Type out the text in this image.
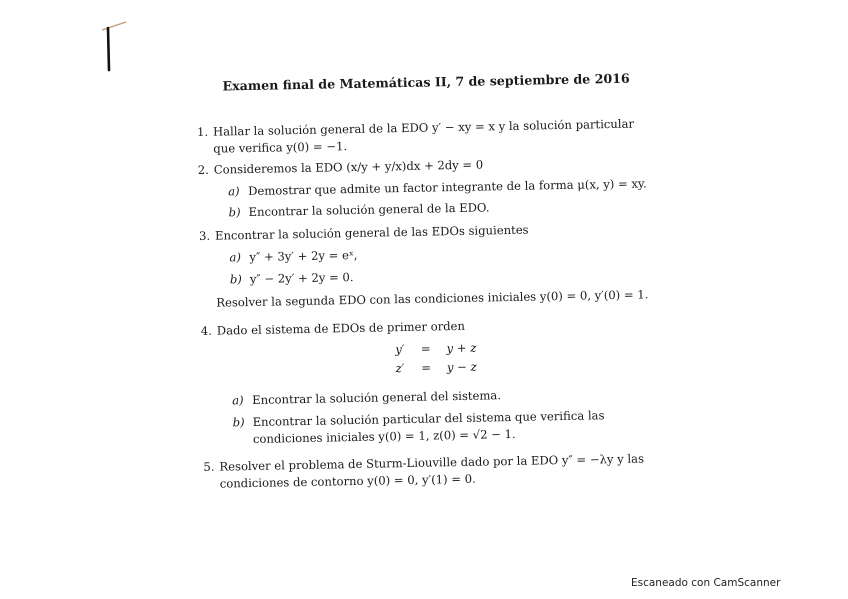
Examen final de Matemáticas II, 7 de septiembre de 2016
1. Hallar la solución general de la EDO y′ − xy = x y la solución particular que verifica y(0) = −1.
2. Consideremos la EDO (x/y + y/x)dx + 2dy = 0
a) Demostrar que admite un factor integrante de la forma μ(x, y) = xy.
b) Encontrar la solución general de la EDO.
3. Encontrar la solución general de las EDOs siguientes
a) y″ + 3y′ + 2y = eˣ,
b) y″ − 2y′ + 2y = 0.
Resolver la segunda EDO con las condiciones iniciales y(0) = 0, y′(0) = 1.
4. Dado el sistema de EDOs de primer orden
y′ = y + z
z′ = y − z
a) Encontrar la solución general del sistema.
b) Encontrar la solución particular del sistema que verifica las condiciones iniciales y(0) = 1, z(0) = √2 − 1.
5. Resolver el problema de Sturm-Liouville dado por la EDO y″ = −λy y las condiciones de contorno y(0) = 0, y′(1) = 0.
Escaneado con CamScanner
